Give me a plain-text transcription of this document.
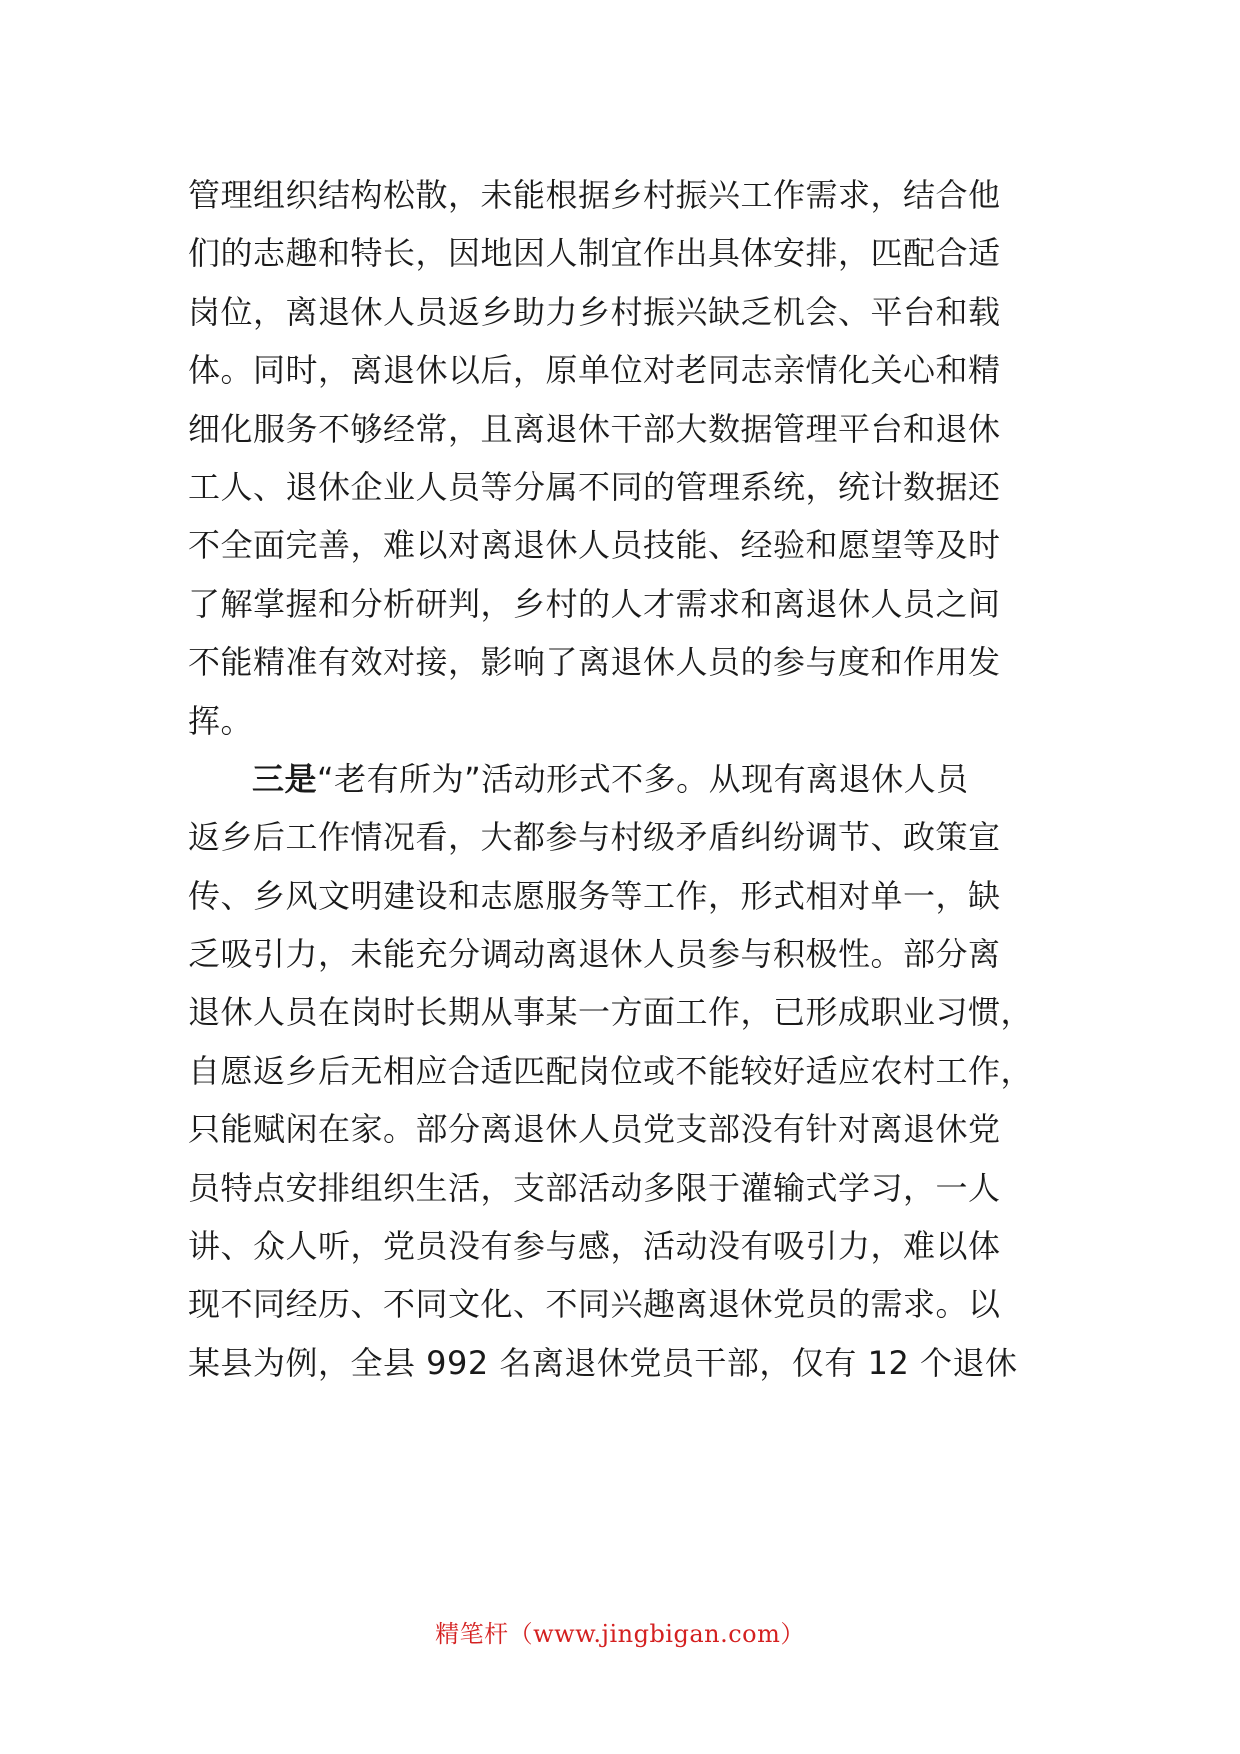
管理组织结构松散，未能根据乡村振兴工作需求，结合他
们的志趣和特长，因地因人制宜作出具体安排，匹配合适
岗位，离退休人员返乡助力乡村振兴缺乏机会、平台和载
体。同时，离退休以后，原单位对老同志亲情化关心和精
细化服务不够经常，且离退休干部大数据管理平台和退休
工人、退休企业人员等分属不同的管理系统，统计数据还
不全面完善，难以对离退休人员技能、经验和愿望等及时
了解掌握和分析研判，乡村的人才需求和离退休人员之间
不能精准有效对接，影响了离退休人员的参与度和作用发
挥。
三是“老有所为”活动形式不多。从现有离退休人员
返乡后工作情况看，大都参与村级矛盾纠纷调节、政策宣
传、乡风文明建设和志愿服务等工作，形式相对单一，缺
乏吸引力，未能充分调动离退休人员参与积极性。部分离
退休人员在岗时长期从事某一方面工作，已形成职业习惯，
自愿返乡后无相应合适匹配岗位或不能较好适应农村工作，
只能赋闲在家。部分离退休人员党支部没有针对离退休党
员特点安排组织生活，支部活动多限于灌输式学习，一人
讲、众人听，党员没有参与感，活动没有吸引力，难以体
现不同经历、不同文化、不同兴趣离退休党员的需求。以
某县为例，全县 992 名离退休党员干部，仅有 12 个退休
精笔杆（www.jingbigan.com）
